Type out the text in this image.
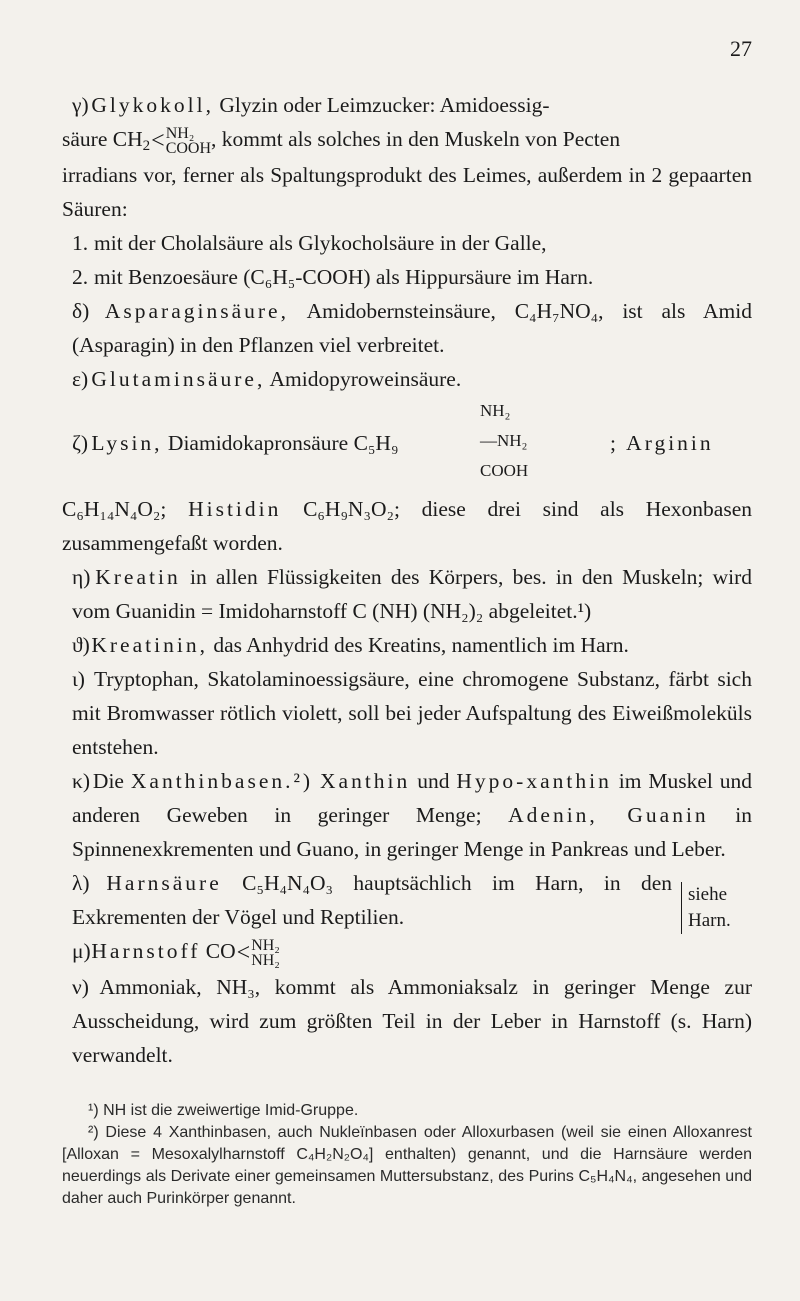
27

γ) Glykokoll, Glyzin oder Leimzucker: Amidoessig-

säure $CH_2< NH_2$
COOH , kommt als solches in den Muskeln von Pecten

irradians vor, ferner als Spaltungsprodukt des Leimes, außerdem in 2 gepaarten Säuren:

1. mit der Cholalsäure als Glykocholsäure in der Galle,

2. mit Benzoesäure (C₆H₅-COOH) als Hippursäure im Harn.

δ) Asparaginsäure, Amidobernsteinsäure, C₄H₇NO₄, ist als Amid (Asparagin) in den Pflanzen viel verbreitet.

ε) Glutaminsäure, Amidopyroweinsäure.

ζ) Lysin, Diamidokapronsäure C₅H₉
NH₂
—NH₂
COOH
; Arginin

C₆H₁₄N₄O₂; Histidin C₆H₉N₃O₂; diese drei sind als Hexonbasen zusammengefaßt worden.

η) Kreatin in allen Flüssigkeiten des Körpers, bes. in den Muskeln; wird vom Guanidin = Imidoharnstoff C (NH) (NH₂)₂ abgeleitet.¹)

ϑ) Kreatinin, das Anhydrid des Kreatins, namentlich im Harn.

ι) Tryptophan, Skatolaminoessigsäure, eine chromogene Substanz, färbt sich mit Bromwasser rötlich violett, soll bei jeder Aufspaltung des Eiweißmoleküls entstehen.

κ) Die Xanthinbasen.²) Xanthin und Hypo-xanthin im Muskel und anderen Geweben in geringer Menge; Adenin, Guanin in Spinnenexkrementen und Guano, in geringer Menge in Pankreas und Leber.

λ) Harnsäure C₅H₄N₄O₃ hauptsächlich im Harn, in den Exkrementen der Vögel und Reptilien.

μ) Harnstoff CO< NH₂
NH₂

siehe Harn.

ν) Ammoniak, NH₃, kommt als Ammoniaksalz in geringer Menge zur Ausscheidung, wird zum größten Teil in der Leber in Harnstoff (s. Harn) verwandelt.

¹) NH ist die zweiwertige Imid-Gruppe.

²) Diese 4 Xanthinbasen, auch Nukleïnbasen oder Alloxurbasen (weil sie einen Alloxanrest [Alloxan = Mesoxalylharnstoff C₄H₂N₂O₄] enthalten) genannt, und die Harnsäure werden neuerdings als Derivate einer gemeinsamen Muttersubstanz, des Purins C₅H₄N₄, angesehen und daher auch Purinkörper genannt.
